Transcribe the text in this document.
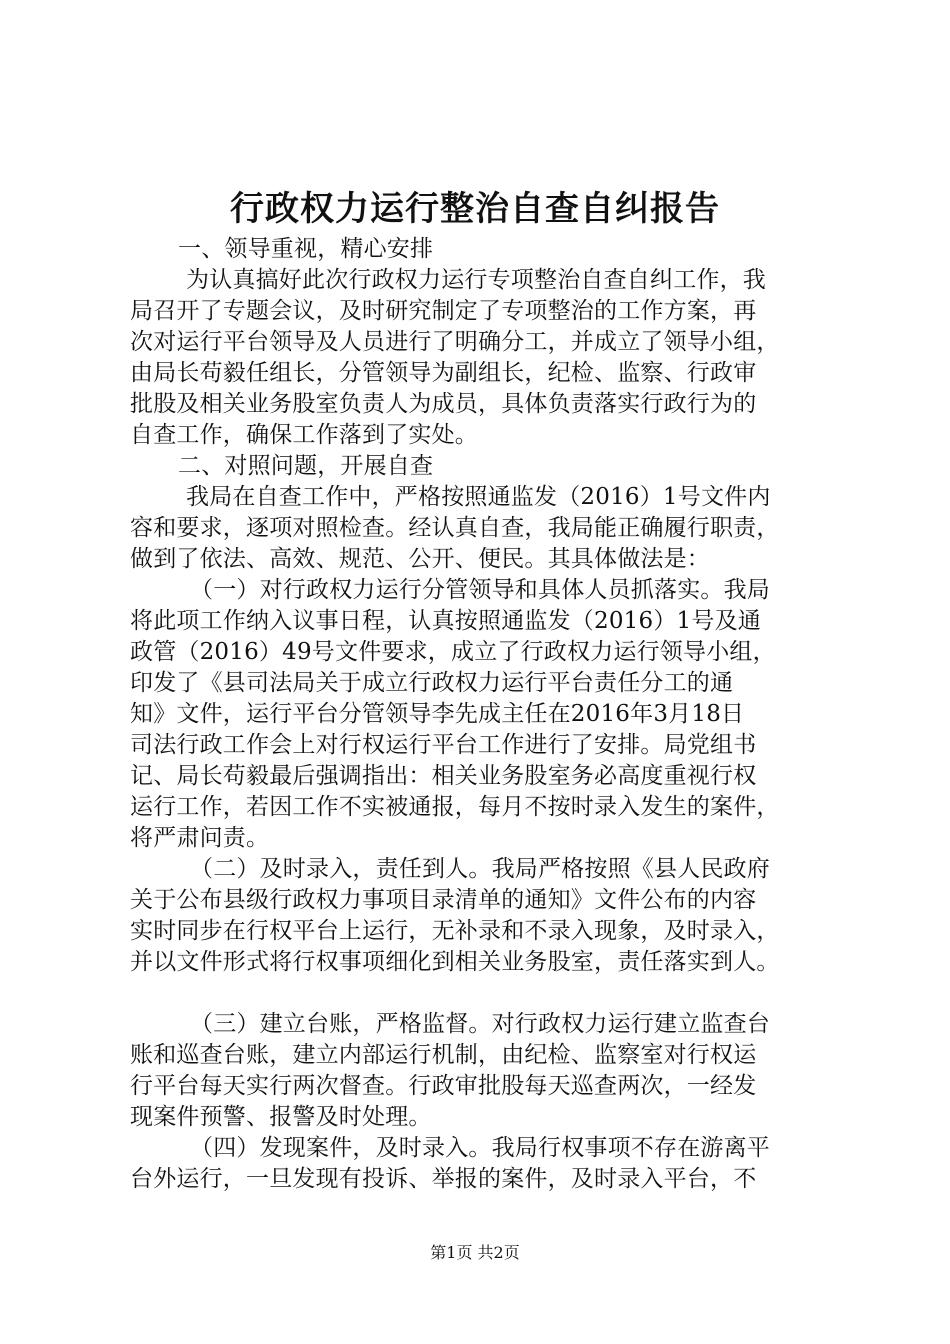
行政权力运行整治自查自纠报告
一、领导重视，精心安排
为认真搞好此次行政权力运行专项整治自查自纠工作，我
局召开了专题会议，及时研究制定了专项整治的工作方案，再
次对运行平台领导及人员进行了明确分工，并成立了领导小组，
由局长苟毅任组长，分管领导为副组长，纪检、监察、行政审
批股及相关业务股室负责人为成员，具体负责落实行政行为的
自查工作，确保工作落到了实处。
二、对照问题，开展自查
我局在自查工作中，严格按照通监发（2016）1号文件内
容和要求，逐项对照检查。经认真自查，我局能正确履行职责，
做到了依法、高效、规范、公开、便民。其具体做法是：
（一）对行政权力运行分管领导和具体人员抓落实。我局
将此项工作纳入议事日程，认真按照通监发（2016）1号及通
政管（2016）49号文件要求，成立了行政权力运行领导小组，
印发了《县司法局关于成立行政权力运行平台责任分工的通
知》文件，运行平台分管领导李先成主任在2016年3月18日
司法行政工作会上对行权运行平台工作进行了安排。局党组书
记、局长苟毅最后强调指出：相关业务股室务必高度重视行权
运行工作，若因工作不实被通报，每月不按时录入发生的案件，
将严肃问责。
（二）及时录入，责任到人。我局严格按照《县人民政府
关于公布县级行政权力事项目录清单的通知》文件公布的内容
实时同步在行权平台上运行，无补录和不录入现象，及时录入，
并以文件形式将行权事项细化到相关业务股室，责任落实到人。
（三）建立台账，严格监督。对行政权力运行建立监查台
账和巡查台账，建立内部运行机制，由纪检、监察室对行权运
行平台每天实行两次督查。行政审批股每天巡查两次，一经发
现案件预警、报警及时处理。
（四）发现案件，及时录入。我局行权事项不存在游离平
台外运行，一旦发现有投诉、举报的案件，及时录入平台，不
第1页 共2页
